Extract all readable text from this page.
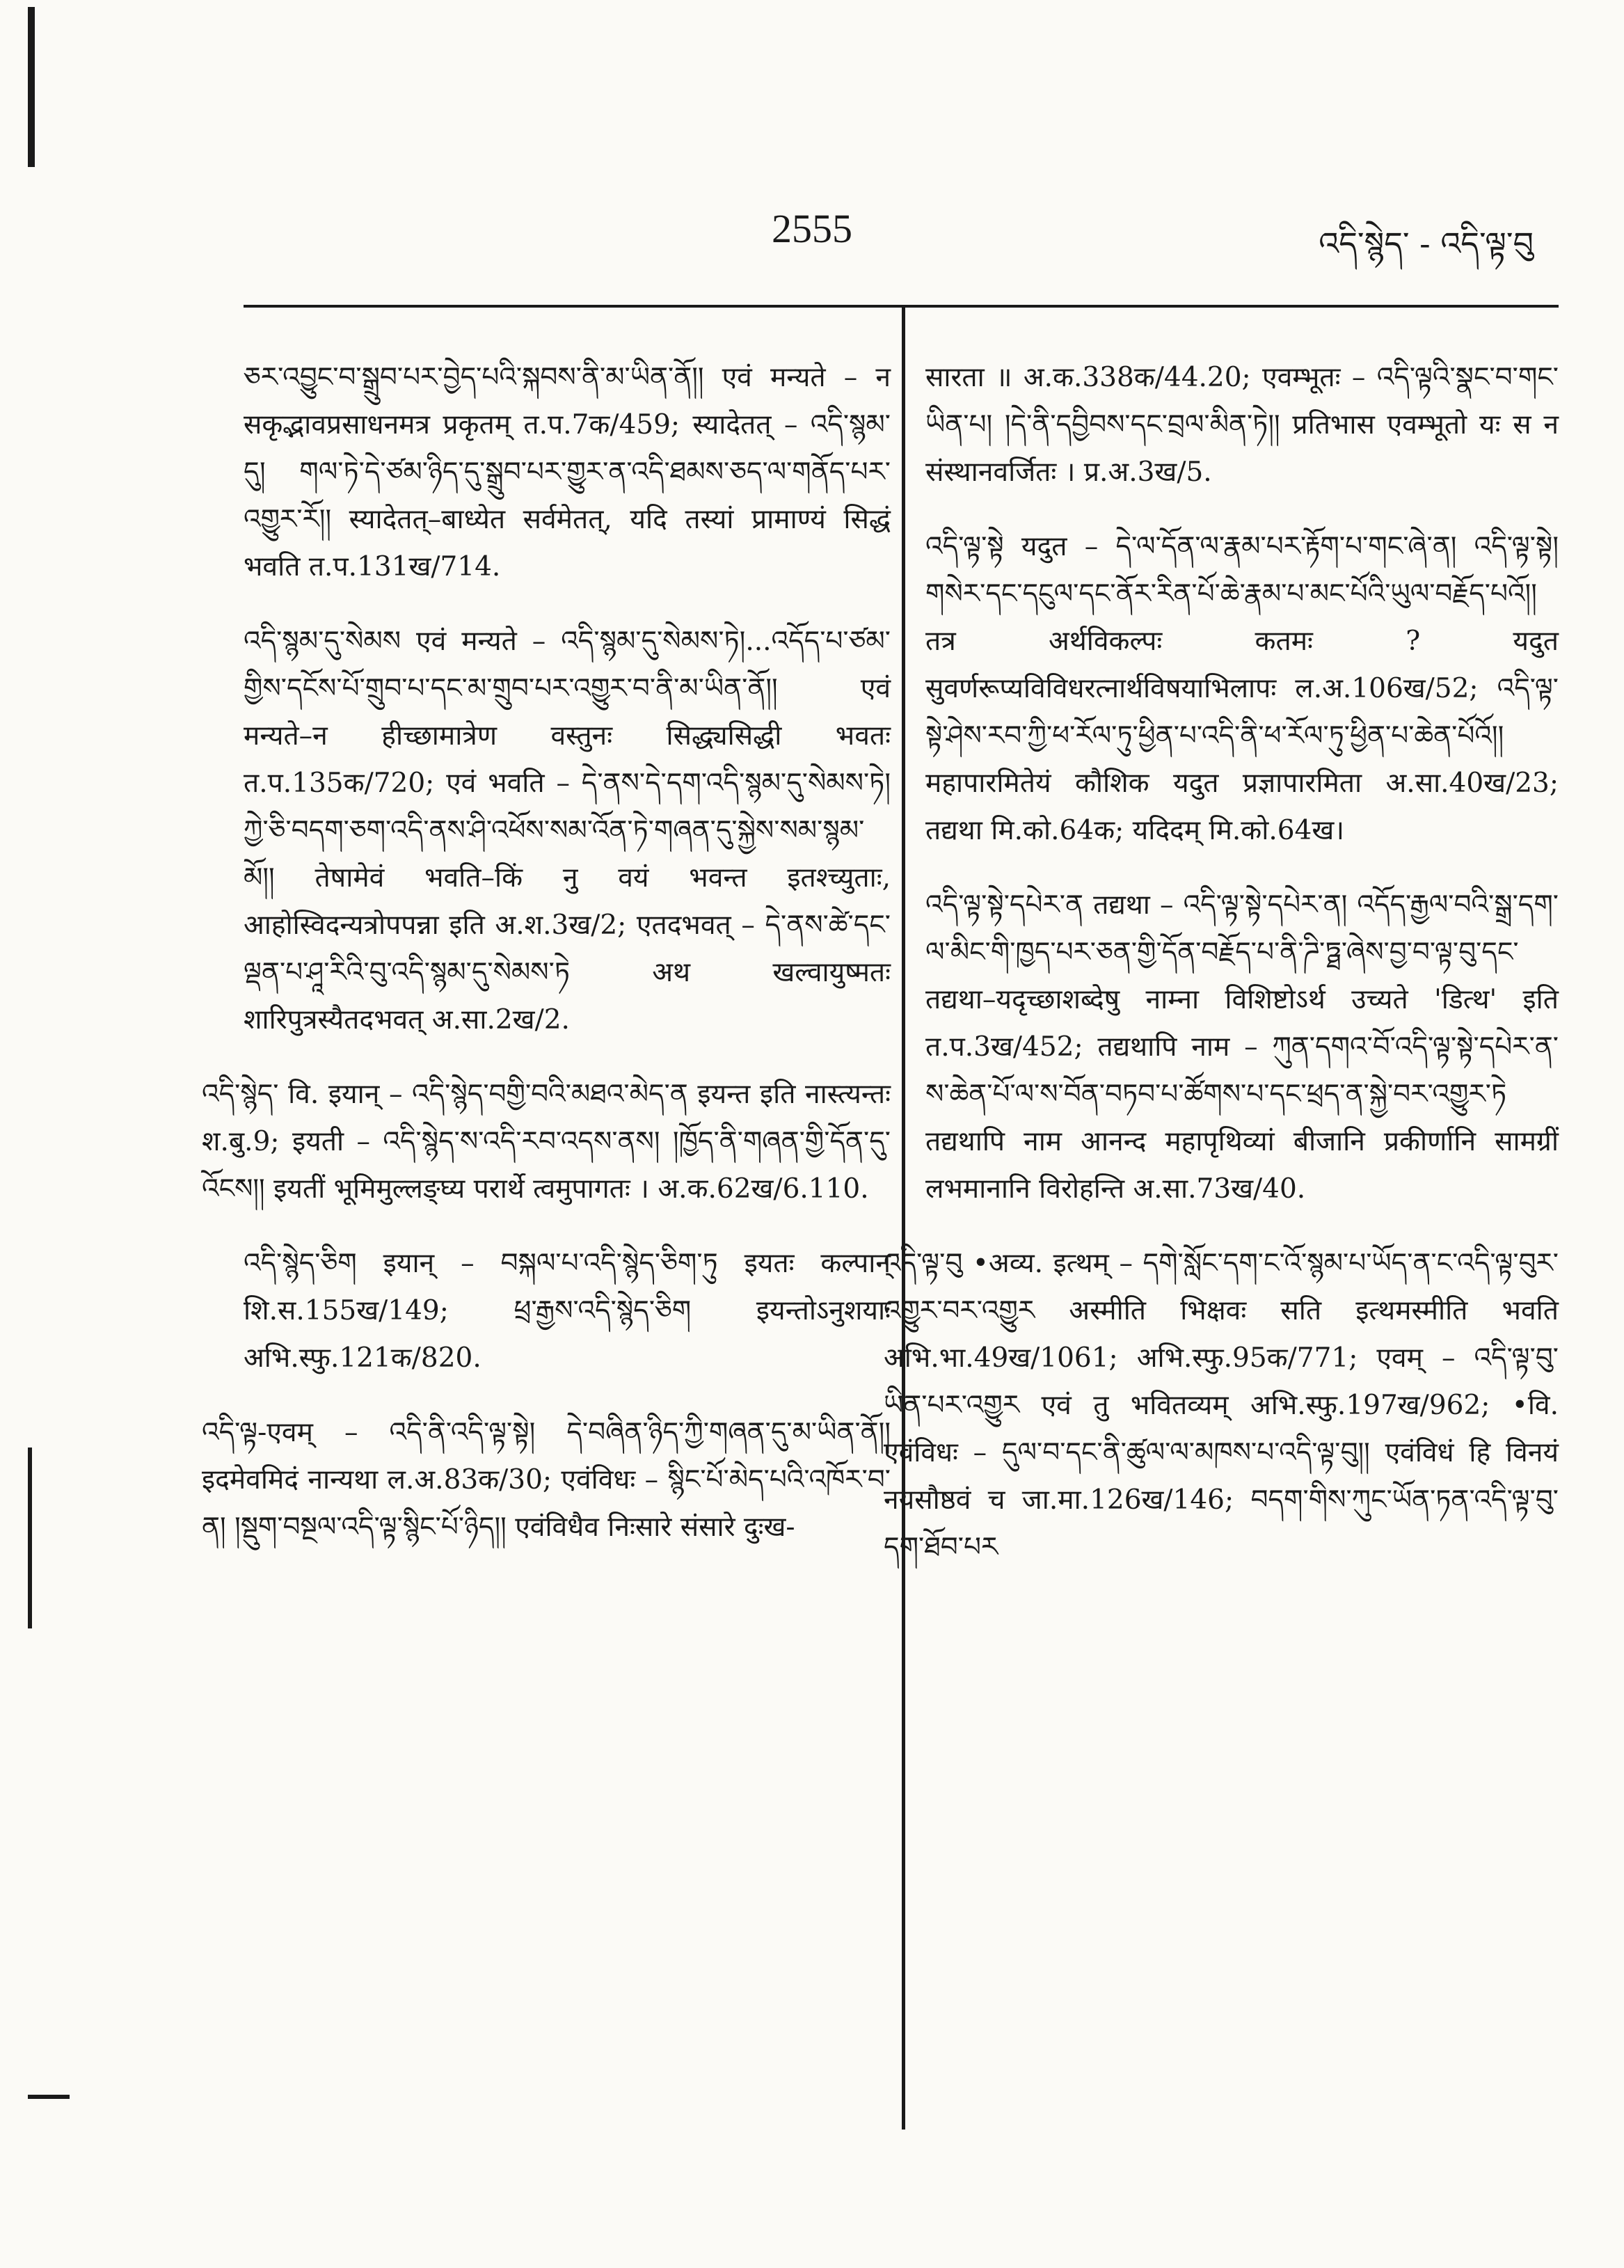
2555	འདི་སྙེད་ - འདི་ལྟ་བུ

ཅར་འབྱུང་བ་སྒྲུབ་པར་བྱེད་པའི་སྐབས་ནི་མ་ཡིན་ནོ།། एवं मन्यते – न सकृद्भावप्रसाधनमत्र प्रकृतम् त.प.7क/459; स्यादेतत् – འདི་སྙམ་དུ། གལ་ཏེ་དེ་ཙམ་ཉིད་དུ་སྒྲུབ་པར་གྱུར་ན་འདི་ཐམས་ཅད་ལ་གནོད་པར་འགྱུར་རོ།། स्यादेतत्–बाध्येत सर्वमेतत्, यदि तस्यां प्रामाण्यं सिद्धं भवति त.प.131ख/714.

འདི་སྙམ་དུ་སེམས एवं मन्यते – འདི་སྙམ་དུ་སེམས་ཏེ།...འདོད་པ་ཙམ་གྱིས་དངོས་པོ་གྲུབ་པ་དང་མ་གྲུབ་པར་འགྱུར་བ་ནི་མ་ཡིན་ནོ།། एवं मन्यते–न हीच्छामात्रेण वस्तुनः सिद्ध्यसिद्धी भवतः त.प.135क/720; एवं भवति – དེ་ནས་དེ་དག་འདི་སྙམ་དུ་སེམས་ཏེ། ཀྱེ་ཅི་བདག་ཅག་འདི་ནས་ཤི་འཕོས་སམ་འོན་ཏེ་གཞན་དུ་སྐྱེས་སམ་སྙམ་མོ།། तेषामेवं भवति–किं नु वयं भवन्त इतश्च्युताः, आहोस्विदन्यत्रोपपन्ना इति अ.श.3ख/2; एतदभवत् – དེ་ནས་ཚེ་དང་ལྡན་པ་ཤཱ་རིའི་བུ་འདི་སྙམ་དུ་སེམས་ཏེ अथ खल्वायुष्मतः शारिपुत्रस्यैतदभवत् अ.सा.2ख/2.

འདི་སྙེད་ वि. इयान् – འདི་སྙེད་བགྱི་བའི་མཐའ་མེད་ན इयन्त इति नास्त्यन्तः श.बु.9; इयती – འདི་སྙེད་ས་འདི་རབ་འདས་ནས། །ཁྱོད་ནི་གཞན་གྱི་དོན་དུ་འོངས།། इयतीं भूमिमुल्लङ्घ्य परार्थे त्वमुपागतः । अ.क.62ख/6.110.

འདི་སྙེད་ཅིག इयान् – བསྐལ་པ་འདི་སྙེད་ཅིག་ཏུ इयतः कल्पान् शि.स.155ख/149; ཕྲ་རྒྱས་འདི་སྙེད་ཅིག इयन्तोऽनुशयाः अभि.स्फु.121क/820.

འདི་ལྟ-एवम् – འདི་ནི་འདི་ལྟ་སྟེ། དེ་བཞིན་ཉིད་ཀྱི་གཞན་དུ་མ་ཡིན་ནོ།། इदमेवमिदं नान्यथा ल.अ.83क/30; एवंविधः – སྙིང་པོ་མེད་པའི་འཁོར་བ་ན། །སྡུག་བསྔལ་འདི་ལྟ་སྙིང་པོ་ཉིད།། एवंविधैव निःसारे संसारे दुःख-

सारता ॥ अ.क.338क/44.20; एवम्भूतः – འདི་ལྟའི་སྣང་བ་གང་ཡིན་པ། །དེ་ནི་དབྱིབས་དང་བྲལ་མིན་ཏེ།། प्रतिभास एवम्भूतो यः स न संस्थानवर्जितः । प्र.अ.3ख/5.

འདི་ལྟ་སྟེ यदुत – དེ་ལ་དོན་ལ་རྣམ་པར་རྟོག་པ་གང་ཞེ་ན། འདི་ལྟ་སྟེ། གསེར་དང་དངུལ་དང་ནོར་རིན་པོ་ཆེ་རྣམ་པ་མང་པོའི་ཡུལ་བརྗོད་པའོ།། तत्र अर्थविकल्पः कतमः ? यदुत सुवर्णरूप्यविविधरत्नार्थविषयाभिलापः ल.अ.106ख/52; འདི་ལྟ་སྟེ་ཤེས་རབ་ཀྱི་ཕ་རོལ་ཏུ་ཕྱིན་པ་འདི་ནི་ཕ་རོལ་ཏུ་ཕྱིན་པ་ཆེན་པོའོ།། महापारमितेयं कौशिक यदुत प्रज्ञापारमिता अ.सा.40ख/23; तद्यथा मि.को.64क; यदिदम् मि.को.64ख।

འདི་ལྟ་སྟེ་དཔེར་ན तद्यथा – འདི་ལྟ་སྟེ་དཔེར་ན། འདོད་རྒྱལ་བའི་སྒྲ་དག་ལ་མིང་གི་ཁྱད་པར་ཅན་གྱི་དོན་བརྗོད་པ་ནི་ཌི་ཏྠ་ཞེས་བྱ་བ་ལྟ་བུ་དང་ तद्यथा–यदृच्छाशब्देषु नाम्ना विशिष्टोऽर्थ उच्यते 'डित्थ' इति त.प.3ख/452; तद्यथापि नाम – ཀུན་དགའ་བོ་འདི་ལྟ་སྟེ་དཔེར་ན་ས་ཆེན་པོ་ལ་ས་བོན་བཏབ་པ་ཚོགས་པ་དང་ཕྲད་ན་སྐྱེ་བར་འགྱུར་ཏེ तद्यथापि नाम आनन्द महापृथिव्यां बीजानि प्रकीर्णानि सामग्रीं लभमानानि विरोहन्ति अ.सा.73ख/40.

འདི་ལྟ་བུ •अव्य. इत्थम् – དགེ་སློང་དག་ང་འོ་སྙམ་པ་ཡོད་ན་ང་འདི་ལྟ་བུར་འགྱུར་བར་འགྱུར अस्मीति भिक्षवः सति इत्थमस्मीति भवति अभि.भा.49ख/1061; अभि.स्फु.95क/771; एवम् – འདི་ལྟ་བུ་ཡིན་པར་འགྱུར एवं तु भवितव्यम् अभि.स्फु.197ख/962; •वि. एवंविधः – དུལ་བ་དང་ནི་ཚུལ་ལ་མཁས་པ་འདི་ལྟ་བུ།། एवंविधं हि विनयं नयसौष्ठवं च जा.मा.126ख/146; བདག་གིས་ཀུང་ཡོན་ཏན་འདི་ལྟ་བུ་དག་ཐོབ་པར
